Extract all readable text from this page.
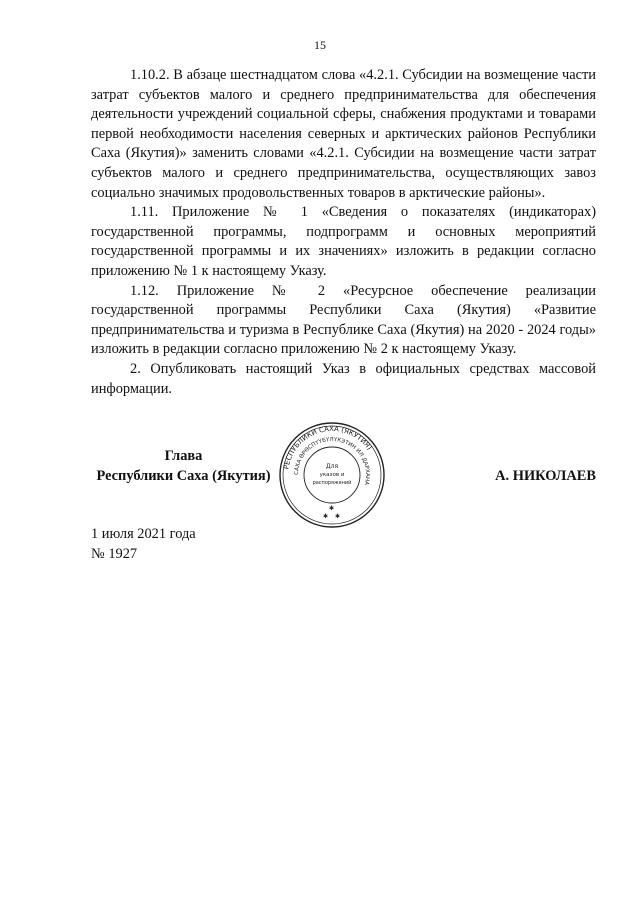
15

1.10.2. В абзаце шестнадцатом слова «4.2.1. Субсидии на возмещение части затрат субъектов малого и среднего предпринимательства для обеспечения деятельности учреждений социальной сферы, снабжения продуктами и товарами первой необходимости населения северных и арктических районов Республики Саха (Якутия)» заменить словами «4.2.1. Субсидии на возмещение части затрат субъектов малого и среднего предпринимательства, осуществляющих завоз социально значимых продовольственных товаров в арктические районы».

1.11. Приложение № 1 «Сведения о показателях (индикаторах) государственной программы, подпрограмм и основных мероприятий государственной программы и их значениях» изложить в редакции согласно приложению № 1 к настоящему Указу.

1.12. Приложение № 2 «Ресурсное обеспечение реализации государственной программы Республики Саха (Якутия) «Развитие предпринимательства и туризма в Республике Саха (Якутия) на 2020 - 2024 годы» изложить в редакции согласно приложению № 2 к настоящему Указу.

2. Опубликовать настоящий Указ в официальных средствах массовой информации.

Глава
Республики Саха (Якутия)
РЕСПУБЛИКИ САХА (ЯКУТИЯ)
САХА ӨРӨСПҮҮБҮЛҮКЭТИН ИЛ ДАРХАНА
Для
указов и
распоряжений
✱ ✱
✱
А. НИКОЛАЕВ
1 июля 2021 года
№ 1927
